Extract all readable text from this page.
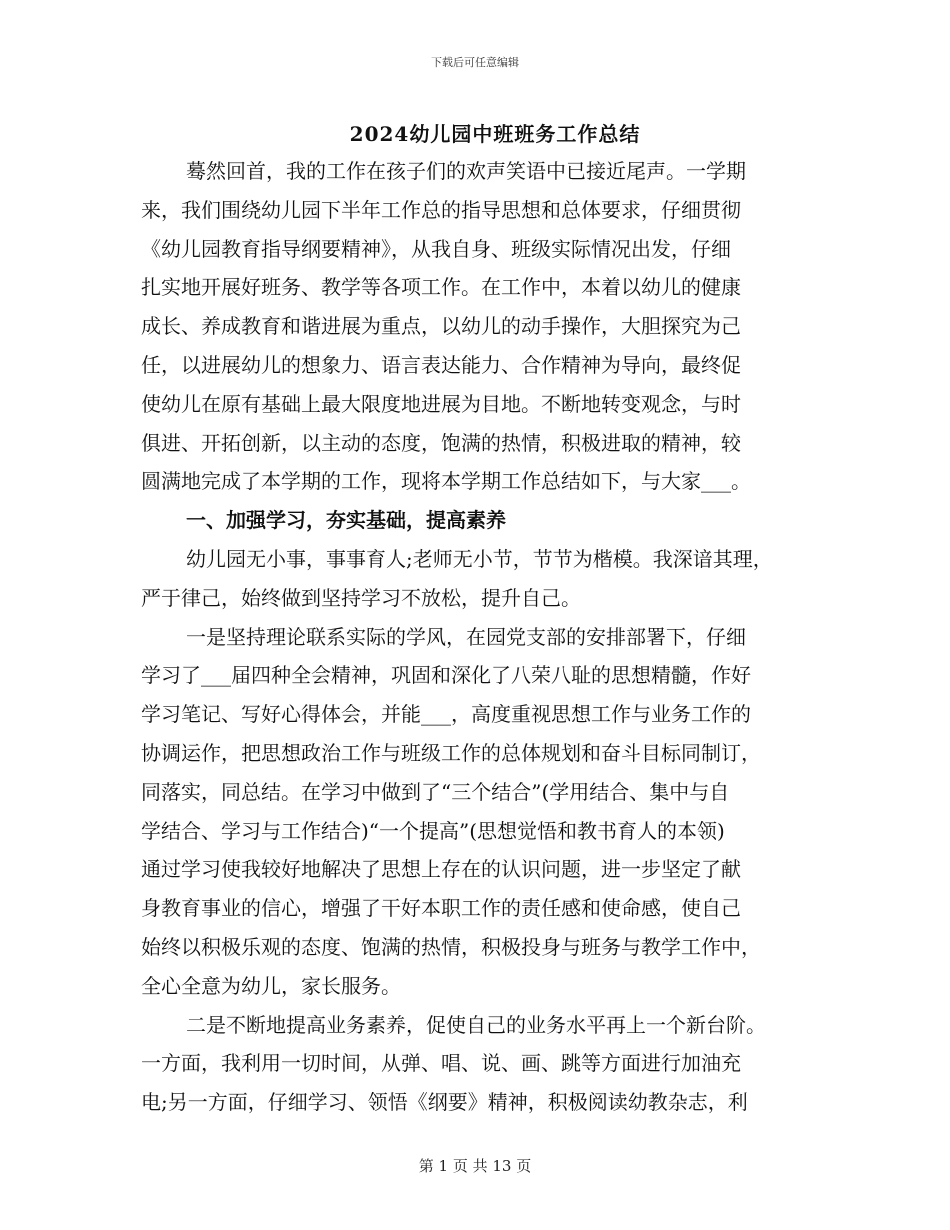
下载后可任意编辑
2024幼儿园中班班务工作总结
蓦然回首，我的工作在孩子们的欢声笑语中已接近尾声。一学期
来，我们围绕幼儿园下半年工作总的指导思想和总体要求，仔细贯彻
《幼儿园教育指导纲要精神》，从我自身、班级实际情况出发，仔细
扎实地开展好班务、教学等各项工作。在工作中，本着以幼儿的健康
成长、养成教育和谐进展为重点，以幼儿的动手操作，大胆探究为己
任，以进展幼儿的想象力、语言表达能力、合作精神为导向，最终促
使幼儿在原有基础上最大限度地进展为目地。不断地转变观念，与时
俱进、开拓创新，以主动的态度，饱满的热情，积极进取的精神，较
圆满地完成了本学期的工作，现将本学期工作总结如下，与大家___。
一、加强学习，夯实基础，提高素养
幼儿园无小事，事事育人;老师无小节，节节为楷模。我深谙其理，
严于律己，始终做到坚持学习不放松，提升自己。
一是坚持理论联系实际的学风，在园党支部的安排部署下，仔细
学习了___届四种全会精神，巩固和深化了八荣八耻的思想精髓，作好
学习笔记、写好心得体会，并能___，高度重视思想工作与业务工作的
协调运作，把思想政治工作与班级工作的总体规划和奋斗目标同制订，
同落实，同总结。在学习中做到了“三个结合”(学用结合、集中与自
学结合、学习与工作结合)“一个提高”(思想觉悟和教书育人的本领)
通过学习使我较好地解决了思想上存在的认识问题，进一步坚定了献
身教育事业的信心，增强了干好本职工作的责任感和使命感，使自己
始终以积极乐观的态度、饱满的热情，积极投身与班务与教学工作中，
全心全意为幼儿，家长服务。
二是不断地提高业务素养，促使自己的业务水平再上一个新台阶。
一方面，我利用一切时间，从弹、唱、说、画、跳等方面进行加油充
电;另一方面，仔细学习、领悟《纲要》精神，积极阅读幼教杂志，利
第 1 页 共 13 页
